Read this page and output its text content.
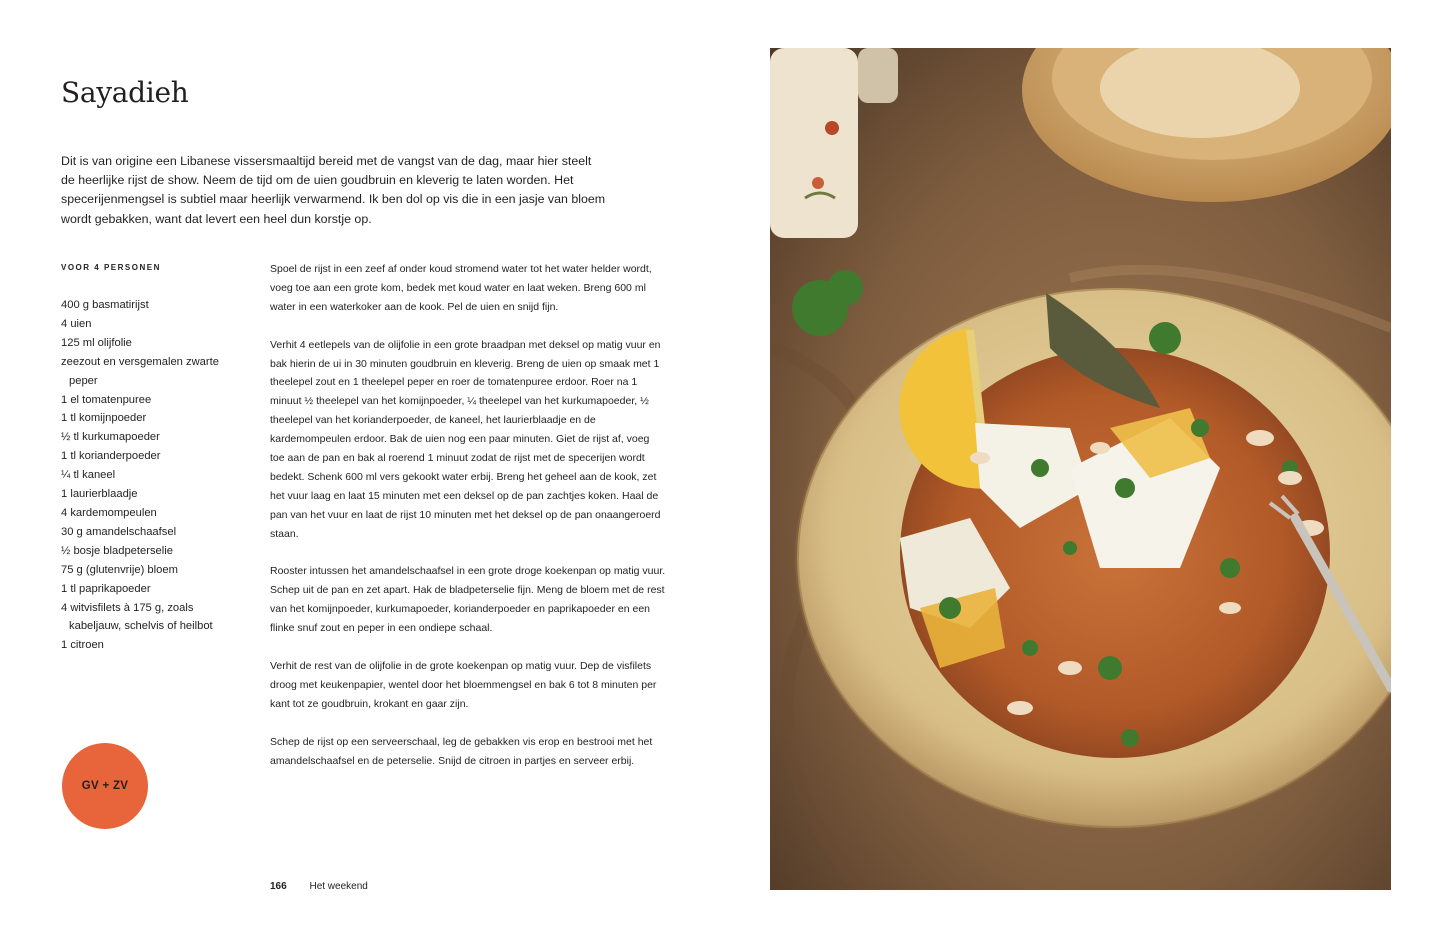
Sayadieh

Dit is van origine een Libanese vissersmaaltijd bereid met de vangst van de dag, maar hier steelt de heerlijke rijst de show. Neem de tijd om de uien goudbruin en kleverig te laten worden. Het specerijenmengsel is subtiel maar heerlijk verwarmend. Ik ben dol op vis die in een jasje van bloem wordt gebakken, want dat levert een heel dun korstje op.

VOOR 4 PERSONEN

400 g basmatirijst
4 uien
125 ml olijfolie
zeezout en versgemalen zwarte peper
1 el tomatenpuree
1 tl komijnpoeder
½ tl kurkumapoeder
1 tl korianderpoeder
¼ tl kaneel
1 laurierblaadje
4 kardemompeulen
30 g amandelschaafsel
½ bosje bladpeterselie
75 g (glutenvrije) bloem
1 tl paprikapoeder
4 witvisfilets à 175 g, zoals kabeljauw, schelvis of heilbot
1 citroen

Spoel de rijst in een zeef af onder koud stromend water tot het water helder wordt, voeg toe aan een grote kom, bedek met koud water en laat weken. Breng 600 ml water in een waterkoker aan de kook. Pel de uien en snijd fijn.

Verhit 4 eetlepels van de olijfolie in een grote braadpan met deksel op matig vuur en bak hierin de ui in 30 minuten goudbruin en kleverig. Breng de uien op smaak met 1 theelepel zout en 1 theelepel peper en roer de tomatenpuree erdoor. Roer na 1 minuut ½ theelepel van het komijnpoeder, ¼ theelepel van het kurkumapoeder, ½ theelepel van het korianderpoeder, de kaneel, het laurierblaadje en de kardemompeulen erdoor. Bak de uien nog een paar minuten. Giet de rijst af, voeg toe aan de pan en bak al roerend 1 minuut zodat de rijst met de specerijen wordt bedekt. Schenk 600 ml vers gekookt water erbij. Breng het geheel aan de kook, zet het vuur laag en laat 15 minuten met een deksel op de pan zachtjes koken. Haal de pan van het vuur en laat de rijst 10 minuten met het deksel op de pan onaangeroerd staan.

Rooster intussen het amandelschaafsel in een grote droge koekenpan op matig vuur. Schep uit de pan en zet apart. Hak de bladpeterselie fijn. Meng de bloem met de rest van het komijnpoeder, kurkumapoeder, korianderpoeder en paprikapoeder en een flinke snuf zout en peper in een ondiepe schaal.

Verhit de rest van de olijfolie in de grote koekenpan op matig vuur. Dep de visfilets droog met keukenpapier, wentel door het bloemmengsel en bak 6 tot 8 minuten per kant tot ze goudbruin, krokant en gaar zijn.

Schep de rijst op een serveerschaal, leg de gebakken vis erop en bestrooi met het amandelschaafsel en de peterselie. Snijd de citroen in partjes en serveer erbij.

GV + ZV
166 Het weekend
